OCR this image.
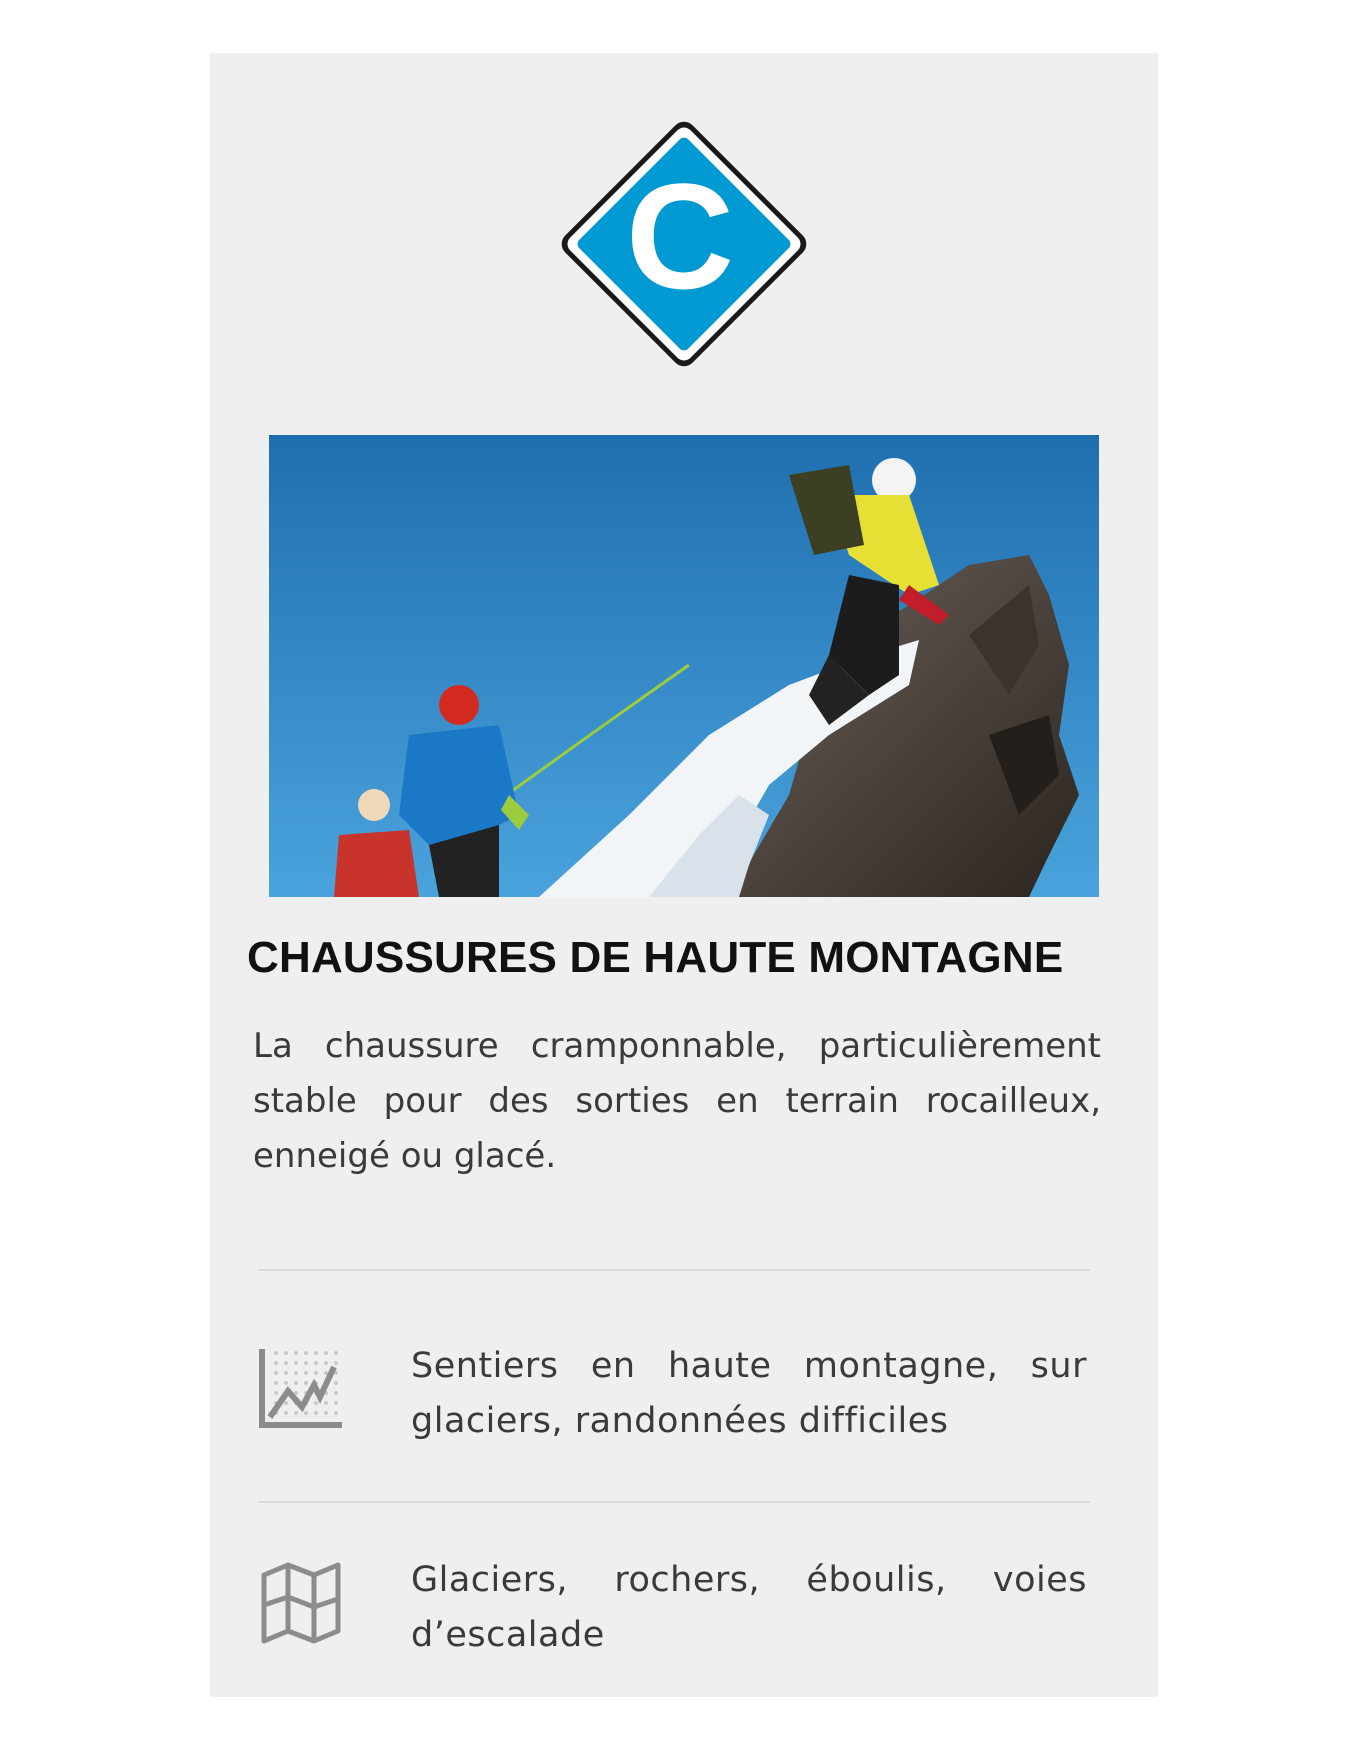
C
CHAUSSURES DE HAUTE MONTAGNE

La chaussure cramponnable, particulièrement stable pour des sorties en terrain rocailleux, enneigé ou glacé.

Sentiers en haute montagne, sur glaciers, randonnées difficiles

Glaciers, rochers, éboulis, voies d’escalade
